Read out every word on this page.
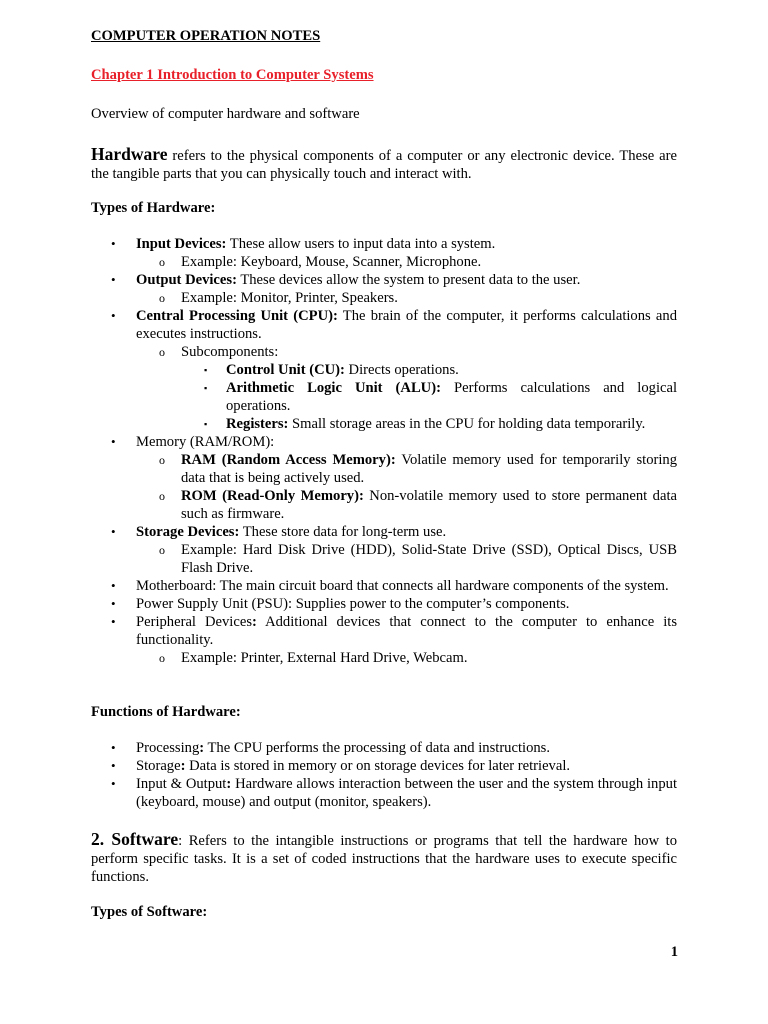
COMPUTER OPERATION NOTES
Chapter 1 Introduction to Computer Systems
Overview of computer hardware and software
Hardware refers to the physical components of a computer or any electronic device. These are the tangible parts that you can physically touch and interact with.
Types of Hardware:
• Input Devices: These allow users to input data into a system.
o Example: Keyboard, Mouse, Scanner, Microphone.
• Output Devices: These devices allow the system to present data to the user.
o Example: Monitor, Printer, Speakers.
• Central Processing Unit (CPU): The brain of the computer, it performs calculations and executes instructions.
o Subcomponents:
▪ Control Unit (CU): Directs operations.
▪ Arithmetic Logic Unit (ALU): Performs calculations and logical operations.
▪ Registers: Small storage areas in the CPU for holding data temporarily.
• Memory (RAM/ROM):
o RAM (Random Access Memory): Volatile memory used for temporarily storing data that is being actively used.
o ROM (Read-Only Memory): Non-volatile memory used to store permanent data such as firmware.
• Storage Devices: These store data for long-term use.
o Example: Hard Disk Drive (HDD), Solid-State Drive (SSD), Optical Discs, USB Flash Drive.
• Motherboard: The main circuit board that connects all hardware components of the system.
• Power Supply Unit (PSU): Supplies power to the computer’s components.
• Peripheral Devices: Additional devices that connect to the computer to enhance its functionality.
o Example: Printer, External Hard Drive, Webcam.
Functions of Hardware:
• Processing: The CPU performs the processing of data and instructions.
• Storage: Data is stored in memory or on storage devices for later retrieval.
• Input & Output: Hardware allows interaction between the user and the system through input (keyboard, mouse) and output (monitor, speakers).
2. Software: Refers to the intangible instructions or programs that tell the hardware how to perform specific tasks. It is a set of coded instructions that the hardware uses to execute specific functions.
Types of Software:
1
